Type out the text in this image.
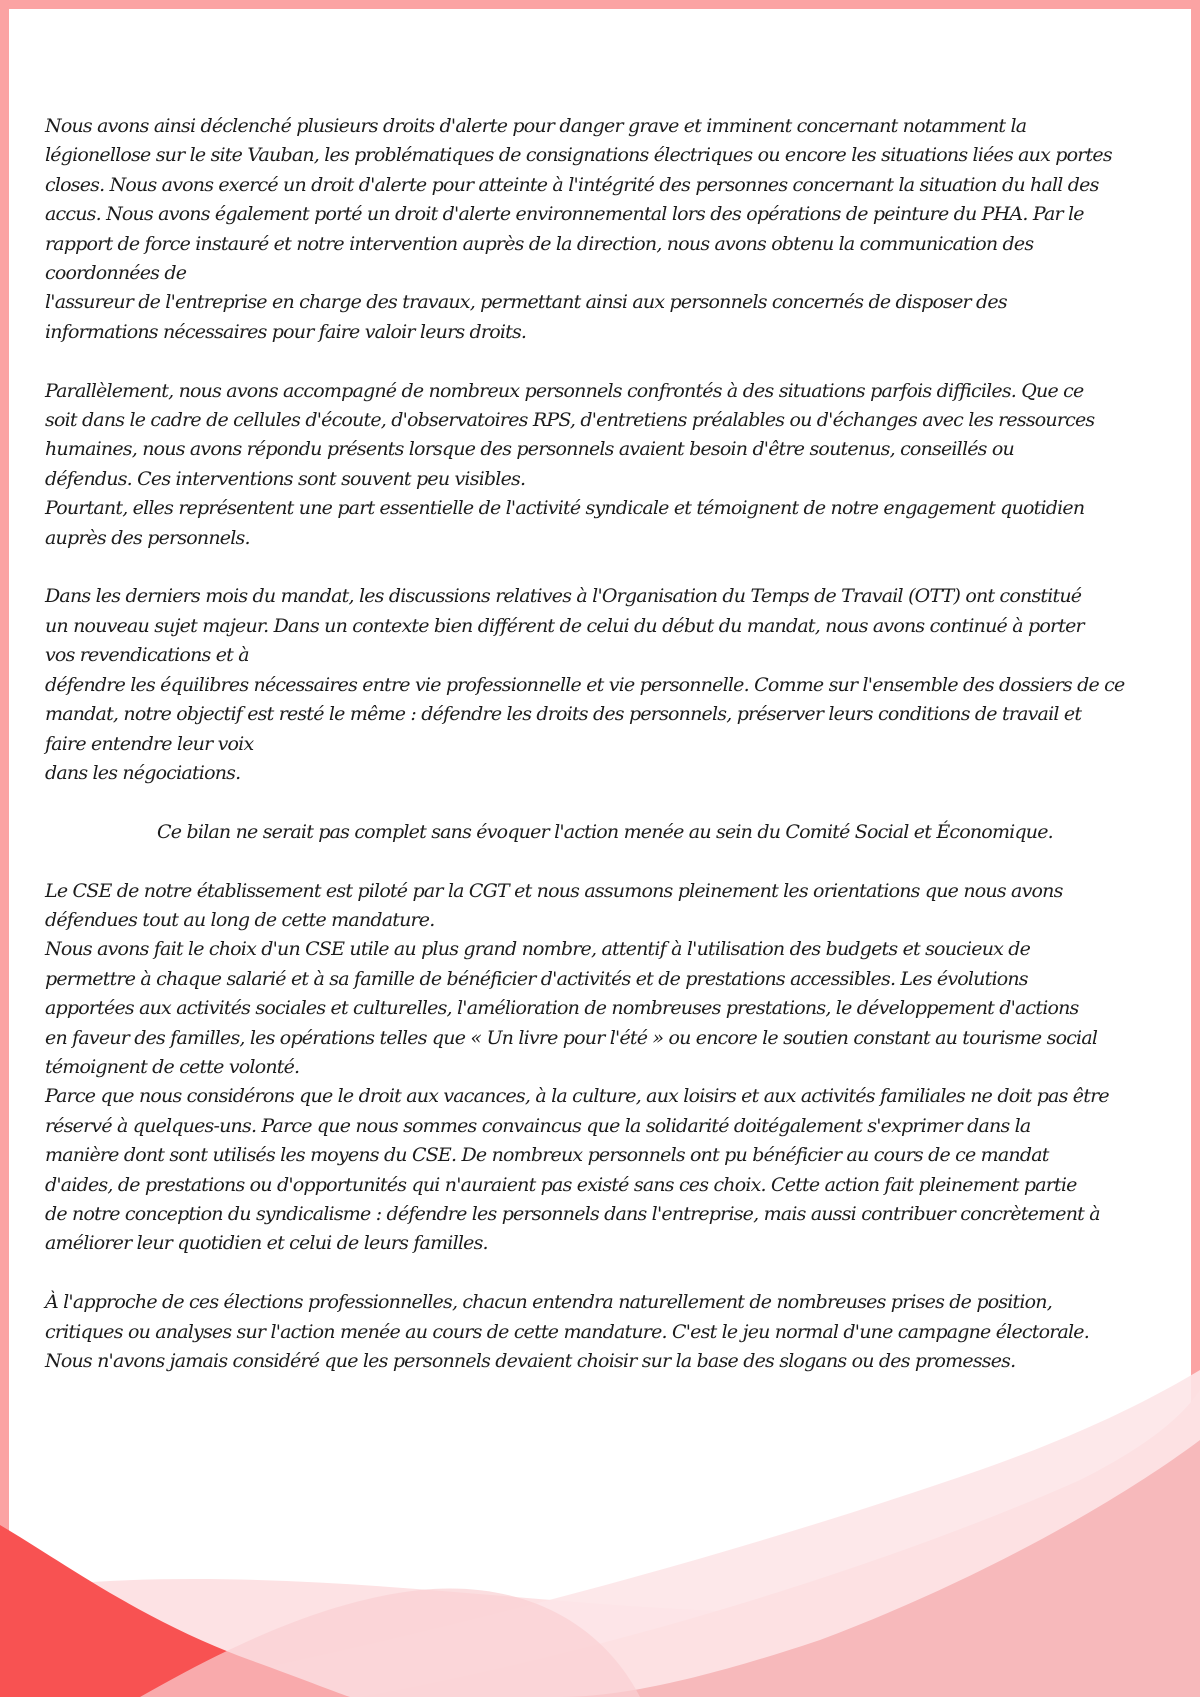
Nous avons ainsi déclenché plusieurs droits d'alerte pour danger grave et imminent concernant notamment la
légionellose sur le site Vauban, les problématiques de consignations électriques ou encore les situations liées aux portes
closes. Nous avons exercé un droit d'alerte pour atteinte à l'intégrité des personnes concernant la situation du hall des
accus. Nous avons également porté un droit d'alerte environnemental lors des opérations de peinture du PHA. Par le
rapport de force instauré et notre intervention auprès de la direction, nous avons obtenu la communication des
coordonnées de
l'assureur de l'entreprise en charge des travaux, permettant ainsi aux personnels concernés de disposer des
informations nécessaires pour faire valoir leurs droits.

Parallèlement, nous avons accompagné de nombreux personnels confrontés à des situations parfois difficiles. Que ce
soit dans le cadre de cellules d'écoute, d'observatoires RPS, d'entretiens préalables ou d'échanges avec les ressources
humaines, nous avons répondu présents lorsque des personnels avaient besoin d'être soutenus, conseillés ou
défendus. Ces interventions sont souvent peu visibles.
Pourtant, elles représentent une part essentielle de l'activité syndicale et témoignent de notre engagement quotidien
auprès des personnels.

Dans les derniers mois du mandat, les discussions relatives à l'Organisation du Temps de Travail (OTT) ont constitué
un nouveau sujet majeur. Dans un contexte bien différent de celui du début du mandat, nous avons continué à porter
vos revendications et à
défendre les équilibres nécessaires entre vie professionnelle et vie personnelle. Comme sur l'ensemble des dossiers de ce
mandat, notre objectif est resté le même : défendre les droits des personnels, préserver leurs conditions de travail et
faire entendre leur voix
dans les négociations.

Ce bilan ne serait pas complet sans évoquer l'action menée au sein du Comité Social et Économique.

Le CSE de notre établissement est piloté par la CGT et nous assumons pleinement les orientations que nous avons
défendues tout au long de cette mandature.
Nous avons fait le choix d'un CSE utile au plus grand nombre, attentif à l'utilisation des budgets et soucieux de
permettre à chaque salarié et à sa famille de bénéficier d'activités et de prestations accessibles. Les évolutions
apportées aux activités sociales et culturelles, l'amélioration de nombreuses prestations, le développement d'actions
en faveur des familles, les opérations telles que « Un livre pour l'été » ou encore le soutien constant au tourisme social
témoignent de cette volonté.
Parce que nous considérons que le droit aux vacances, à la culture, aux loisirs et aux activités familiales ne doit pas être
réservé à quelques-uns. Parce que nous sommes convaincus que la solidarité doitégalement s'exprimer dans la
manière dont sont utilisés les moyens du CSE. De nombreux personnels ont pu bénéficier au cours de ce mandat
d'aides, de prestations ou d'opportunités qui n'auraient pas existé sans ces choix. Cette action fait pleinement partie
de notre conception du syndicalisme : défendre les personnels dans l'entreprise, mais aussi contribuer concrètement à
améliorer leur quotidien et celui de leurs familles.

À l'approche de ces élections professionnelles, chacun entendra naturellement de nombreuses prises de position,
critiques ou analyses sur l'action menée au cours de cette mandature. C'est le jeu normal d'une campagne électorale.
Nous n'avons jamais considéré que les personnels devaient choisir sur la base des slogans ou des promesses.
